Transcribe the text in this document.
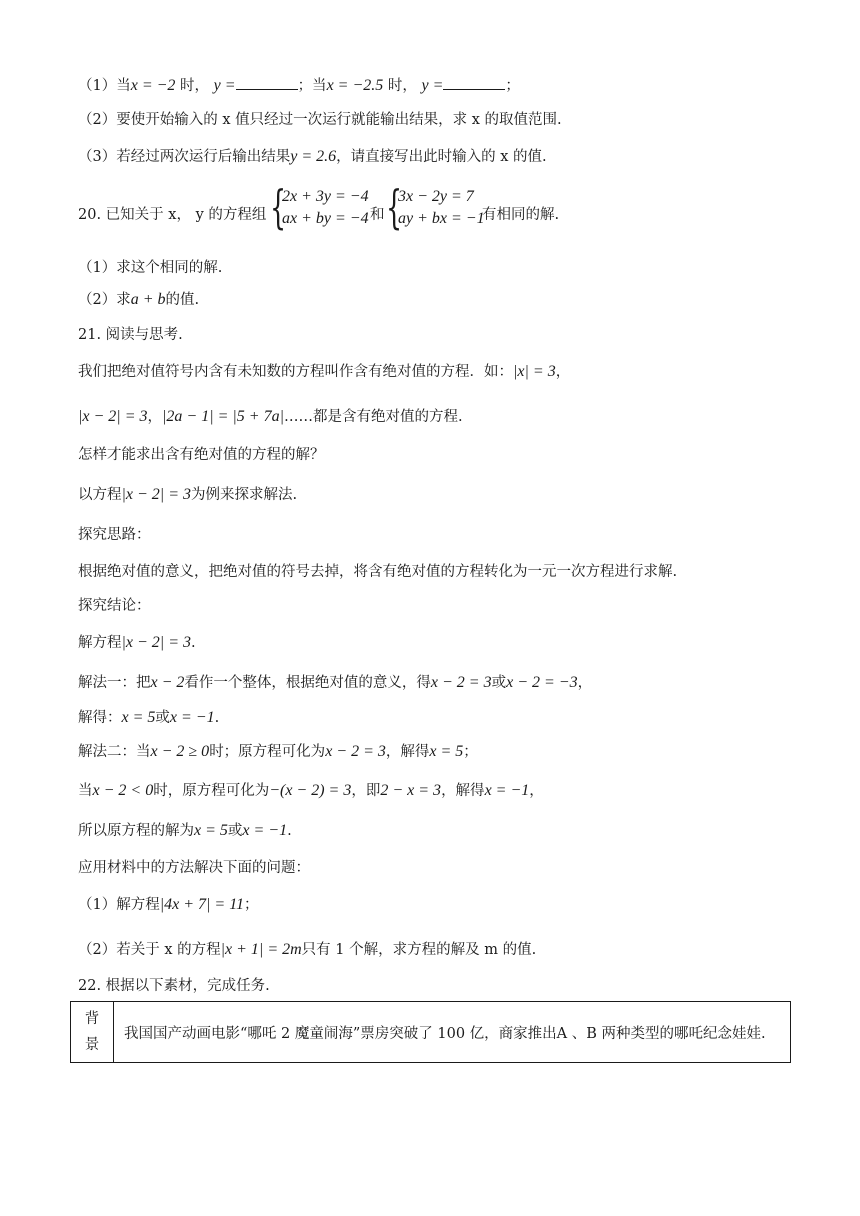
（1）当x = −2 时， y =	；当x = −2.5 时， y =	；
（2）要使开始输入的 x 值只经过一次运行就能输出结果，求 x 的取值范围.
（3）若经过两次运行后输出结果y = 2.6，请直接写出此时输入的 x 的值.
20. 已知关于 x， y 的方程组 {
2x + 3y = −4
ax + by = −4 和 {
3x − 2y = 7
ay + bx = −1
有相同的解.
（1）求这个相同的解.
（2）求a + b的值.
21. 阅读与思考.
我们把绝对值符号内含有未知数的方程叫作含有绝对值的方程．如：|x| = 3，
|x − 2| = 3，|2a − 1| = |5 + 7a|……都是含有绝对值的方程.
怎样才能求出含有绝对值的方程的解？
以方程|x − 2| = 3为例来探求解法.
探究思路：
根据绝对值的意义，把绝对值的符号去掉，将含有绝对值的方程转化为一元一次方程进行求解.
探究结论：
解方程|x − 2| = 3.
解法一：把x − 2看作一个整体，根据绝对值的意义，得x − 2 = 3或x − 2 = −3，
解得：x = 5或x = −1.
解法二：当x − 2 ≥ 0时；原方程可化为x − 2 = 3，解得x = 5；
当x − 2 < 0时，原方程可化为−(x − 2) = 3，即2 − x = 3，解得x = −1，
所以原方程的解为x = 5或x = −1.
应用材料中的方法解决下面的问题：
（1）解方程|4x + 7| = 11；
（2）若关于 x 的方程|x + 1| = 2m只有 1 个解，求方程的解及 m 的值.
22. 根据以下素材，完成任务.
背
景
	我国国产动画电影“哪吒 2 魔童闹海”票房突破了 100 亿，商家推出A 、B 两种类型的哪吒纪念娃娃.
